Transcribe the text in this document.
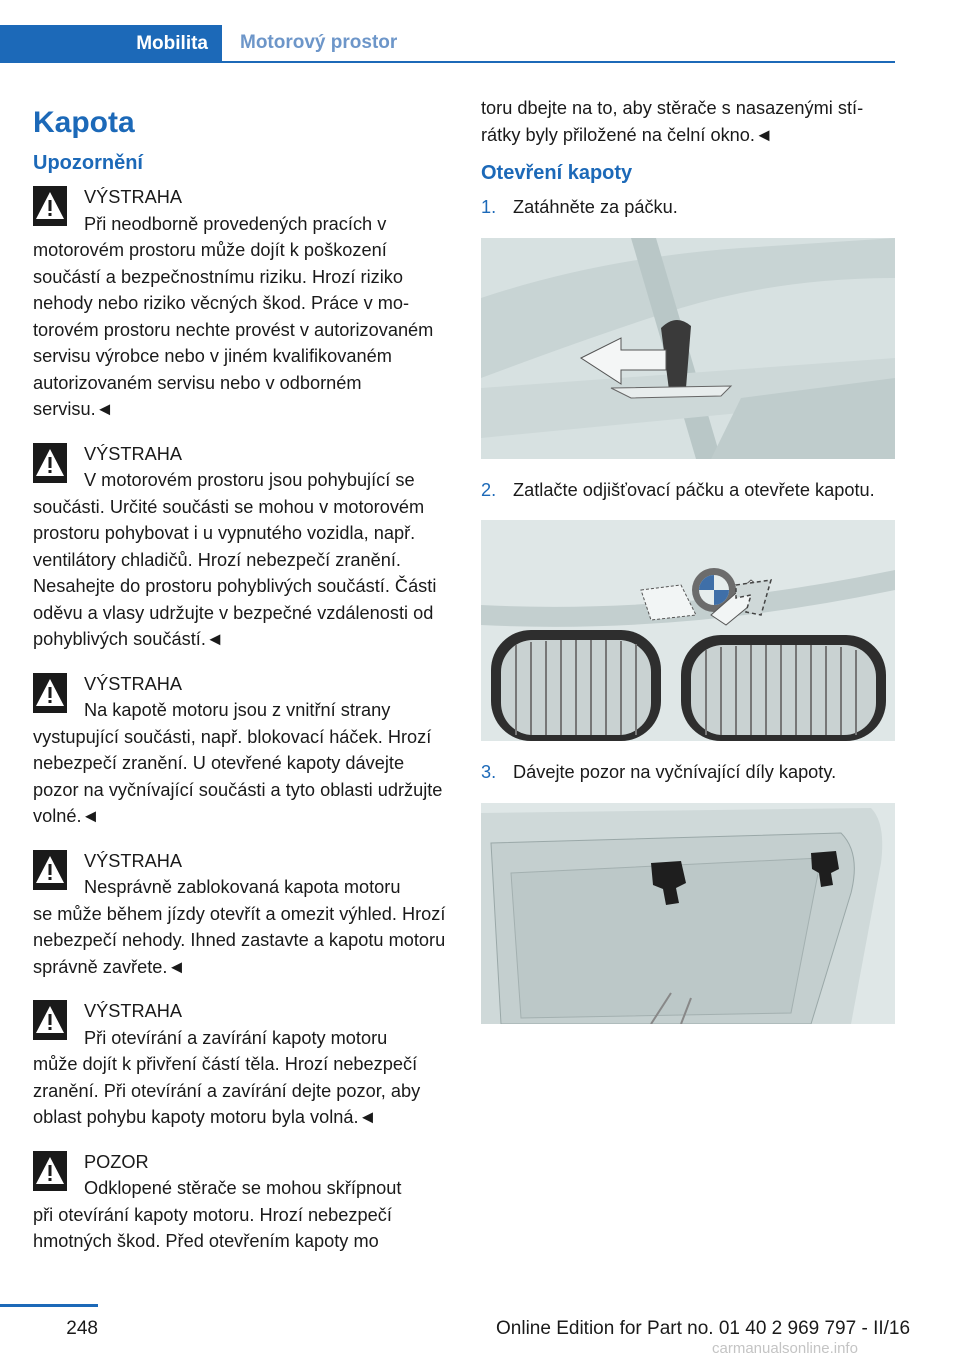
Mobilita	Motorový prostor
Kapota
Upozornění
VÝSTRAHA
Při neodborně provedených pracích v
motorovém prostoru může dojít k poškození součástí a bezpečnostnímu riziku. Hrozí riziko nehody nebo riziko věcných škod. Práce v motorovém prostoru nechte provést v autorizovaném servisu výrobce nebo v jiném kvalifikovaném autorizovaném servisu nebo v odborném servisu.◄
VÝSTRAHA
V motorovém prostoru jsou pohybující se
součásti. Určité součásti se mohou v motorovém prostoru pohybovat i u vypnutého vozidla, např. ventilátory chladičů. Hrozí nebezpečí zranění. Nesahejte do prostoru pohyblivých součástí. Části oděvu a vlasy udržujte v bezpečné vzdálenosti od pohyblivých součástí.◄
VÝSTRAHA
Na kapotě motoru jsou z vnitřní strany
vystupující součásti, např. blokovací háček. Hrozí nebezpečí zranění. U otevřené kapoty dávejte pozor na vyčnívající součásti a tyto oblasti udržujte volné.◄
VÝSTRAHA
Nesprávně zablokovaná kapota motoru
se může během jízdy otevřít a omezit výhled. Hrozí nebezpečí nehody. Ihned zastavte a kapotu motoru správně zavřete.◄
VÝSTRAHA
Při otevírání a zavírání kapoty motoru
může dojít k přivření částí těla. Hrozí nebezpečí zranění. Při otevírání a zavírání dejte pozor, aby oblast pohybu kapoty motoru byla volná.◄
POZOR
Odklopené stěrače se mohou skřípnout
při otevírání kapoty motoru. Hrozí nebezpečí hmotných škod. Před otevřením kapoty mo
toru dbejte na to, aby stěrače s nasazenými stírátky byly přiložené na čelní okno.◄
Otevření kapoty
1. Zatáhněte za páčku.
2. Zatlačte odjišťovací páčku a otevřete kapotu.
3. Dávejte pozor na vyčnívající díly kapoty.
248	Online Edition for Part no. 01 40 2 969 797 - II/16
carmanualsonline.info
